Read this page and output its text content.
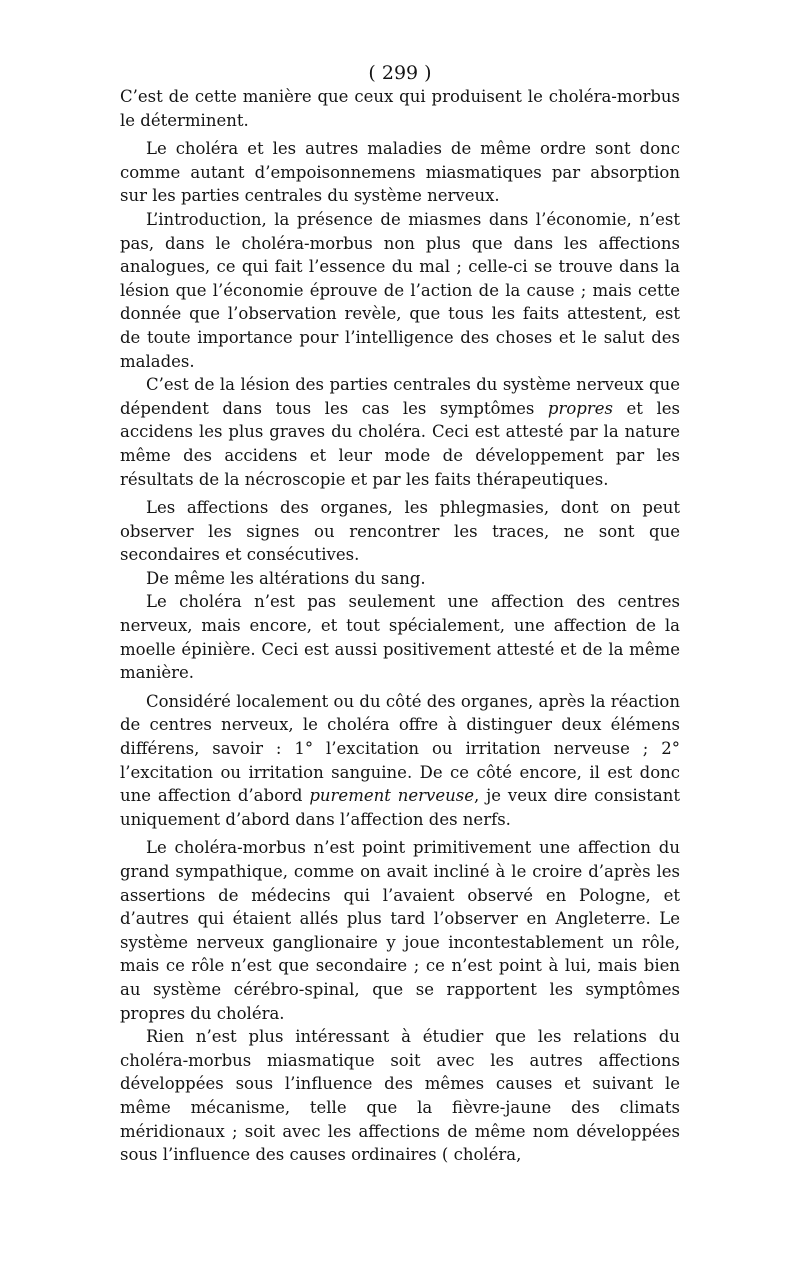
( 299 )

C’est de cette manière que ceux qui produisent le choléra-morbus le déterminent.

Le choléra et les autres maladies de même ordre sont donc comme autant d’empoisonnemens miasmatiques par absorption sur les parties centrales du système nerveux.

L’introduction, la présence de miasmes dans l’économie, n’est pas, dans le choléra-morbus non plus que dans les affections analogues, ce qui fait l’essence du mal ; celle-ci se trouve dans la lésion que l’économie éprouve de l’action de la cause ; mais cette donnée que l’observation revèle, que tous les faits attestent, est de toute importance pour l’intelligence des choses et le salut des malades.

C’est de la lésion des parties centrales du système nerveux que dépendent dans tous les cas les symptômes propres et les accidens les plus graves du choléra. Ceci est attesté par la nature même des accidens et leur mode de développement par les résultats de la nécroscopie et par les faits thérapeutiques.

Les affections des organes, les phlegmasies, dont on peut observer les signes ou rencontrer les traces, ne sont que secondaires et consécutives.

De même les altérations du sang.

Le choléra n’est pas seulement une affection des centres nerveux, mais encore, et tout spécialement, une affection de la moelle épinière. Ceci est aussi positivement attesté et de la même manière.

Considéré localement ou du côté des organes, après la réaction de centres nerveux, le choléra offre à distinguer deux élémens différens, savoir : 1° l’excitation ou irritation nerveuse ; 2° l’excitation ou irritation sanguine. De ce côté encore, il est donc une affection d’abord purement nerveuse, je veux dire consistant uniquement d’abord dans l’affection des nerfs.

Le choléra-morbus n’est point primitivement une affection du grand sympathique, comme on avait incliné à le croire d’après les assertions de médecins qui l’avaient observé en Pologne, et d’autres qui étaient allés plus tard l’observer en Angleterre. Le système nerveux ganglionaire y joue incontestablement un rôle, mais ce rôle n’est que secondaire ; ce n’est point à lui, mais bien au système cérébro-spinal, que se rapportent les symptômes propres du choléra.

Rien n’est plus intéressant à étudier que les relations du choléra-morbus miasmatique soit avec les autres affections développées sous l’influence des mêmes causes et suivant le même mécanisme, telle que la fièvre-jaune des climats méridionaux ; soit avec les affections de même nom développées sous l’influence des causes ordinaires ( choléra,
